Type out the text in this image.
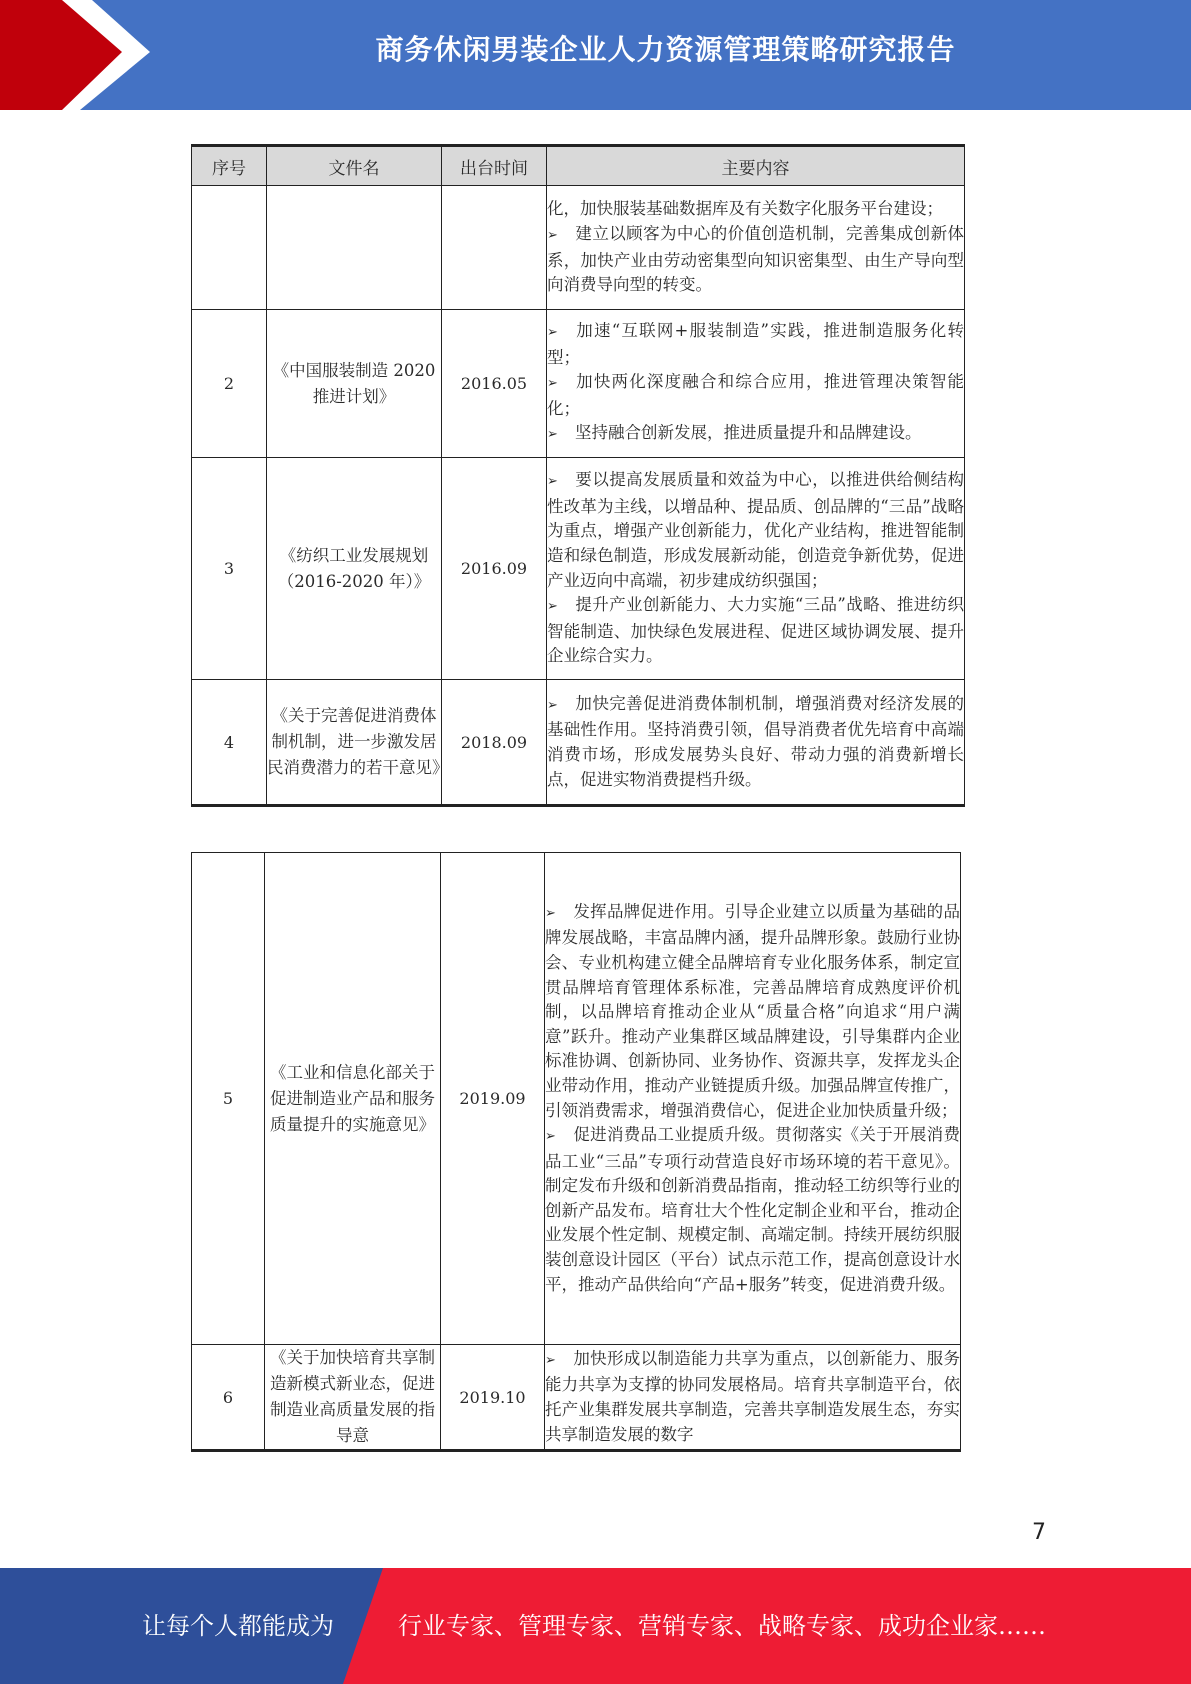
商务休闲男装企业人力资源管理策略研究报告
序号	文件名	出台时间	主要内容

			化，加快服装基础数据库及有关数字化服务平台建设；
➢ 建立以顾客为中心的价值创造机制，完善集成创新体系，加快产业由劳动密集型向知识密集型、由生产导向型向消费导向型的转变。

2	《中国服装制造 2020 推进计划》	2016.05	➢ 加速“互联网+服装制造”实践，推进制造服务化转型；
➢ 加快两化深度融合和综合应用，推进管理决策智能化；
➢ 坚持融合创新发展，推进质量提升和品牌建设。

3	《纺织工业发展规划（2016-2020 年）》	2016.09	➢ 要以提高发展质量和效益为中心，以推进供给侧结构性改革为主线，以增品种、提品质、创品牌的“三品”战略为重点，增强产业创新能力，优化产业结构，推进智能制造和绿色制造，形成发展新动能，创造竞争新优势，促进产业迈向中高端，初步建成纺织强国；
➢ 提升产业创新能力、大力实施“三品”战略、推进纺织智能制造、加快绿色发展进程、促进区域协调发展、提升企业综合实力。

4	《关于完善促进消费体制机制，进一步激发居民消费潜力的若干意见》	2018.09	➢ 加快完善促进消费体制机制，增强消费对经济发展的基础性作用。坚持消费引领，倡导消费者优先培育中高端消费市场，形成发展势头良好、带动力强的消费新增长点，促进实物消费提档升级。
5	《工业和信息化部关于促进制造业产品和服务质量提升的实施意见》	2019.09	➢ 发挥品牌促进作用。引导企业建立以质量为基础的品牌发展战略，丰富品牌内涵，提升品牌形象。鼓励行业协会、专业机构建立健全品牌培育专业化服务体系，制定宣贯品牌培育管理体系标准，完善品牌培育成熟度评价机制，以品牌培育推动企业从“质量合格”向追求“用户满意”跃升。推动产业集群区域品牌建设，引导集群内企业标准协调、创新协同、业务协作、资源共享，发挥龙头企业带动作用，推动产业链提质升级。加强品牌宣传推广，引领消费需求，增强消费信心，促进企业加快质量升级；
➢ 促进消费品工业提质升级。贯彻落实《关于开展消费品工业“三品”专项行动营造良好市场环境的若干意见》。制定发布升级和创新消费品指南，推动轻工纺织等行业的创新产品发布。培育壮大个性化定制企业和平台，推动企业发展个性定制、规模定制、高端定制。持续开展纺织服装创意设计园区（平台）试点示范工作，提高创意设计水平，推动产品供给向“产品+服务”转变，促进消费升级。

6	《关于加快培育共享制造新模式新业态，促进制造业高质量发展的指导意	2019.10	➢ 加快形成以制造能力共享为重点，以创新能力、服务能力共享为支撑的协同发展格局。培育共享制造平台，依托产业集群发展共享制造，完善共享制造发展生态，夯实共享制造发展的数字
7
让每个人都能成为	行业专家、管理专家、营销专家、战略专家、成功企业家……
